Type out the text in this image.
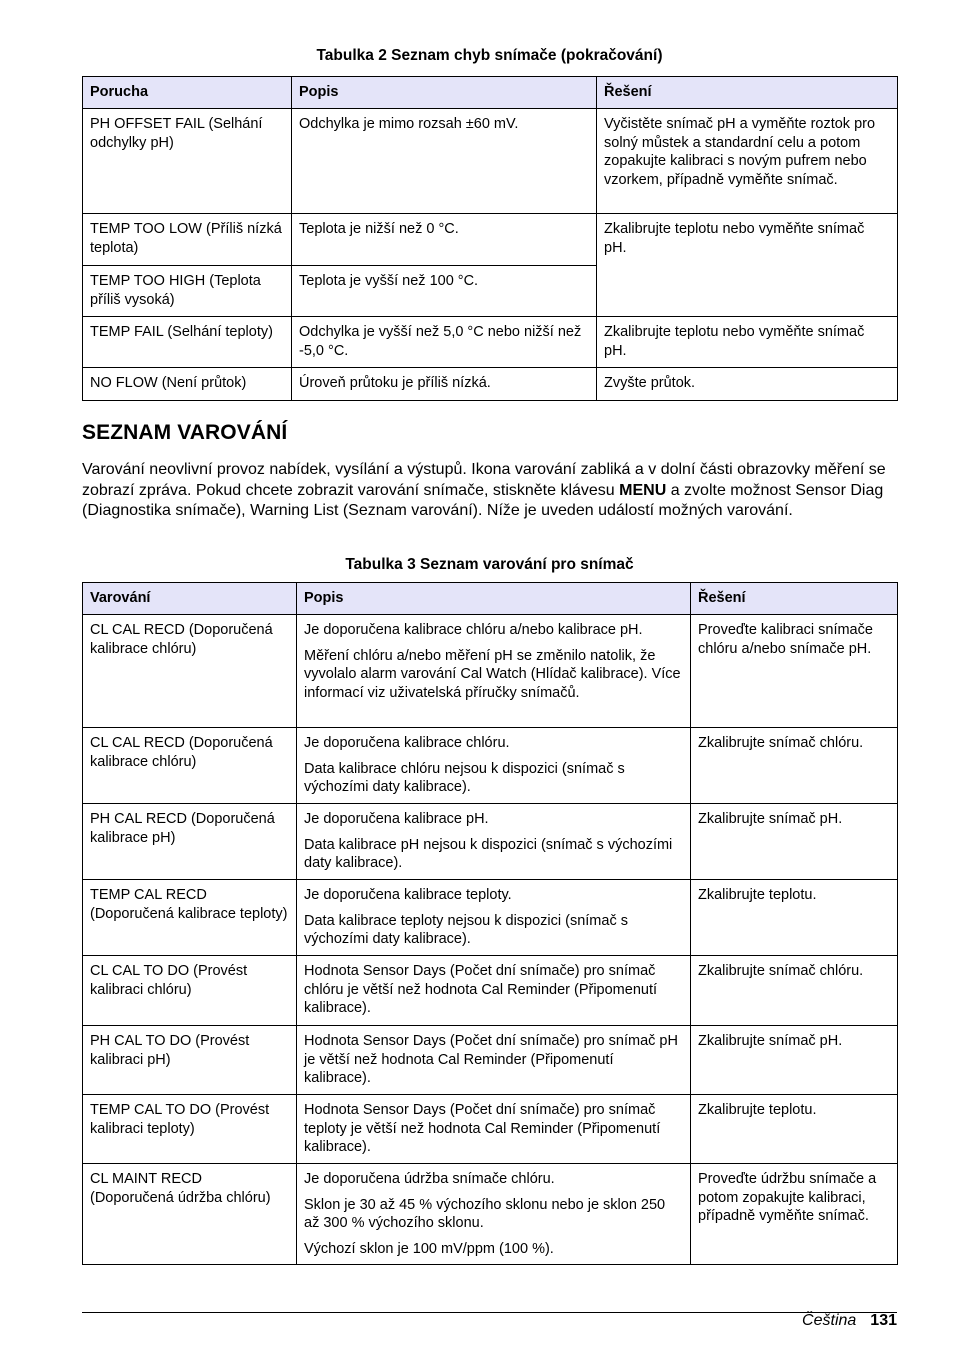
Tabulka 2 Seznam chyb snímače (pokračování)
Porucha	Popis	Řešení
PH OFFSET FAIL (Selhání odchylky pH)	Odchylka je mimo rozsah ±60 mV.	Vyčistěte snímač pH a vyměňte roztok pro solný můstek a standardní celu a potom zopakujte kalibraci s novým pufrem nebo vzorkem, případně vyměňte snímač.
TEMP TOO LOW (Příliš nízká teplota)	Teplota je nižší než 0 °C.	Zkalibrujte teplotu nebo vyměňte snímač pH.
TEMP TOO HIGH (Teplota příliš vysoká)	Teplota je vyšší než 100 °C.	
TEMP FAIL (Selhání teploty)	Odchylka je vyšší než 5,0 °C nebo nižší než -5,0 °C.	Zkalibrujte teplotu nebo vyměňte snímač pH.
NO FLOW (Není průtok)	Úroveň průtoku je příliš nízká.	Zvyšte průtok.
SEZNAM VAROVÁNÍ

Varování neovlivní provoz nabídek, vysílání a výstupů. Ikona varování zabliká a v dolní části obrazovky měření se zobrazí zpráva. Pokud chcete zobrazit varování snímače, stiskněte klávesu MENU a zvolte možnost Sensor Diag (Diagnostika snímače), Warning List (Seznam varování). Níže je uveden událostí možných varování.

Tabulka 3 Seznam varování pro snímač
Varování	Popis	Řešení
CL CAL RECD (Doporučená kalibrace chlóru)	Je doporučena kalibrace chlóru a/nebo kalibrace pH.

Měření chlóru a/nebo měření pH se změnilo natolik, že vyvolalo alarm varování Cal Watch (Hlídač kalibrace). Více informací viz uživatelská příručky snímačů.	Proveďte kalibraci snímače chlóru a/nebo snímače pH.
CL CAL RECD (Doporučená kalibrace chlóru)	Je doporučena kalibrace chlóru.

Data kalibrace chlóru nejsou k dispozici (snímač s výchozími daty kalibrace).	Zkalibrujte snímač chlóru.
PH CAL RECD (Doporučená kalibrace pH)	Je doporučena kalibrace pH.

Data kalibrace pH nejsou k dispozici (snímač s výchozími daty kalibrace).	Zkalibrujte snímač pH.
TEMP CAL RECD (Doporučená kalibrace teploty)	Je doporučena kalibrace teploty.

Data kalibrace teploty nejsou k dispozici (snímač s výchozími daty kalibrace).	Zkalibrujte teplotu.
CL CAL TO DO (Provést kalibraci chlóru)	Hodnota Sensor Days (Počet dní snímače) pro snímač chlóru je větší než hodnota Cal Reminder (Připomenutí kalibrace).	Zkalibrujte snímač chlóru.
PH CAL TO DO (Provést kalibraci pH)	Hodnota Sensor Days (Počet dní snímače) pro snímač pH je větší než hodnota Cal Reminder (Připomenutí kalibrace).	Zkalibrujte snímač pH.
TEMP CAL TO DO (Provést kalibraci teploty)	Hodnota Sensor Days (Počet dní snímače) pro snímač teploty je větší než hodnota Cal Reminder (Připomenutí kalibrace).	Zkalibrujte teplotu.
CL MAINT RECD (Doporučená údržba chlóru)	Je doporučena údržba snímače chlóru.

Sklon je 30 až 45 % výchozího sklonu nebo je sklon 250 až 300 % výchozího sklonu.

Výchozí sklon je 100 mV/ppm (100 %).	Proveďte údržbu snímače a potom zopakujte kalibraci, případně vyměňte snímač.
Čeština 131
